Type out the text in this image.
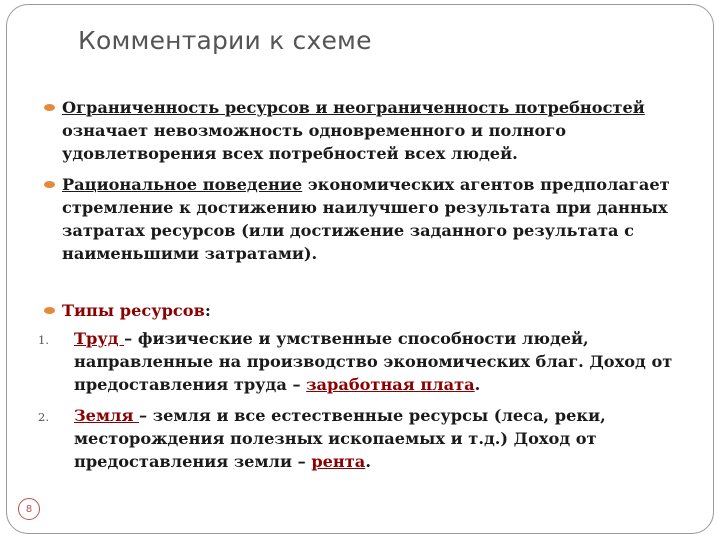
Комментарии к схеме
Ограниченность ресурсов и неограниченность потребностей означает невозможность одновременного и полного удовлетворения всех потребностей всех людей.
Рациональное поведение экономических агентов предполагает стремление к достижению наилучшего результата при данных затратах ресурсов (или достижение заданного результата с наименьшими затратами).
Типы ресурсов:
1. Труд – физические и умственные способности людей, направленные на производство экономических благ. Доход от предоставления труда – заработная плата.
2. Земля – земля и все естественные ресурсы (леса, реки, месторождения полезных ископаемых и т.д.) Доход от предоставления земли – рента.
8
